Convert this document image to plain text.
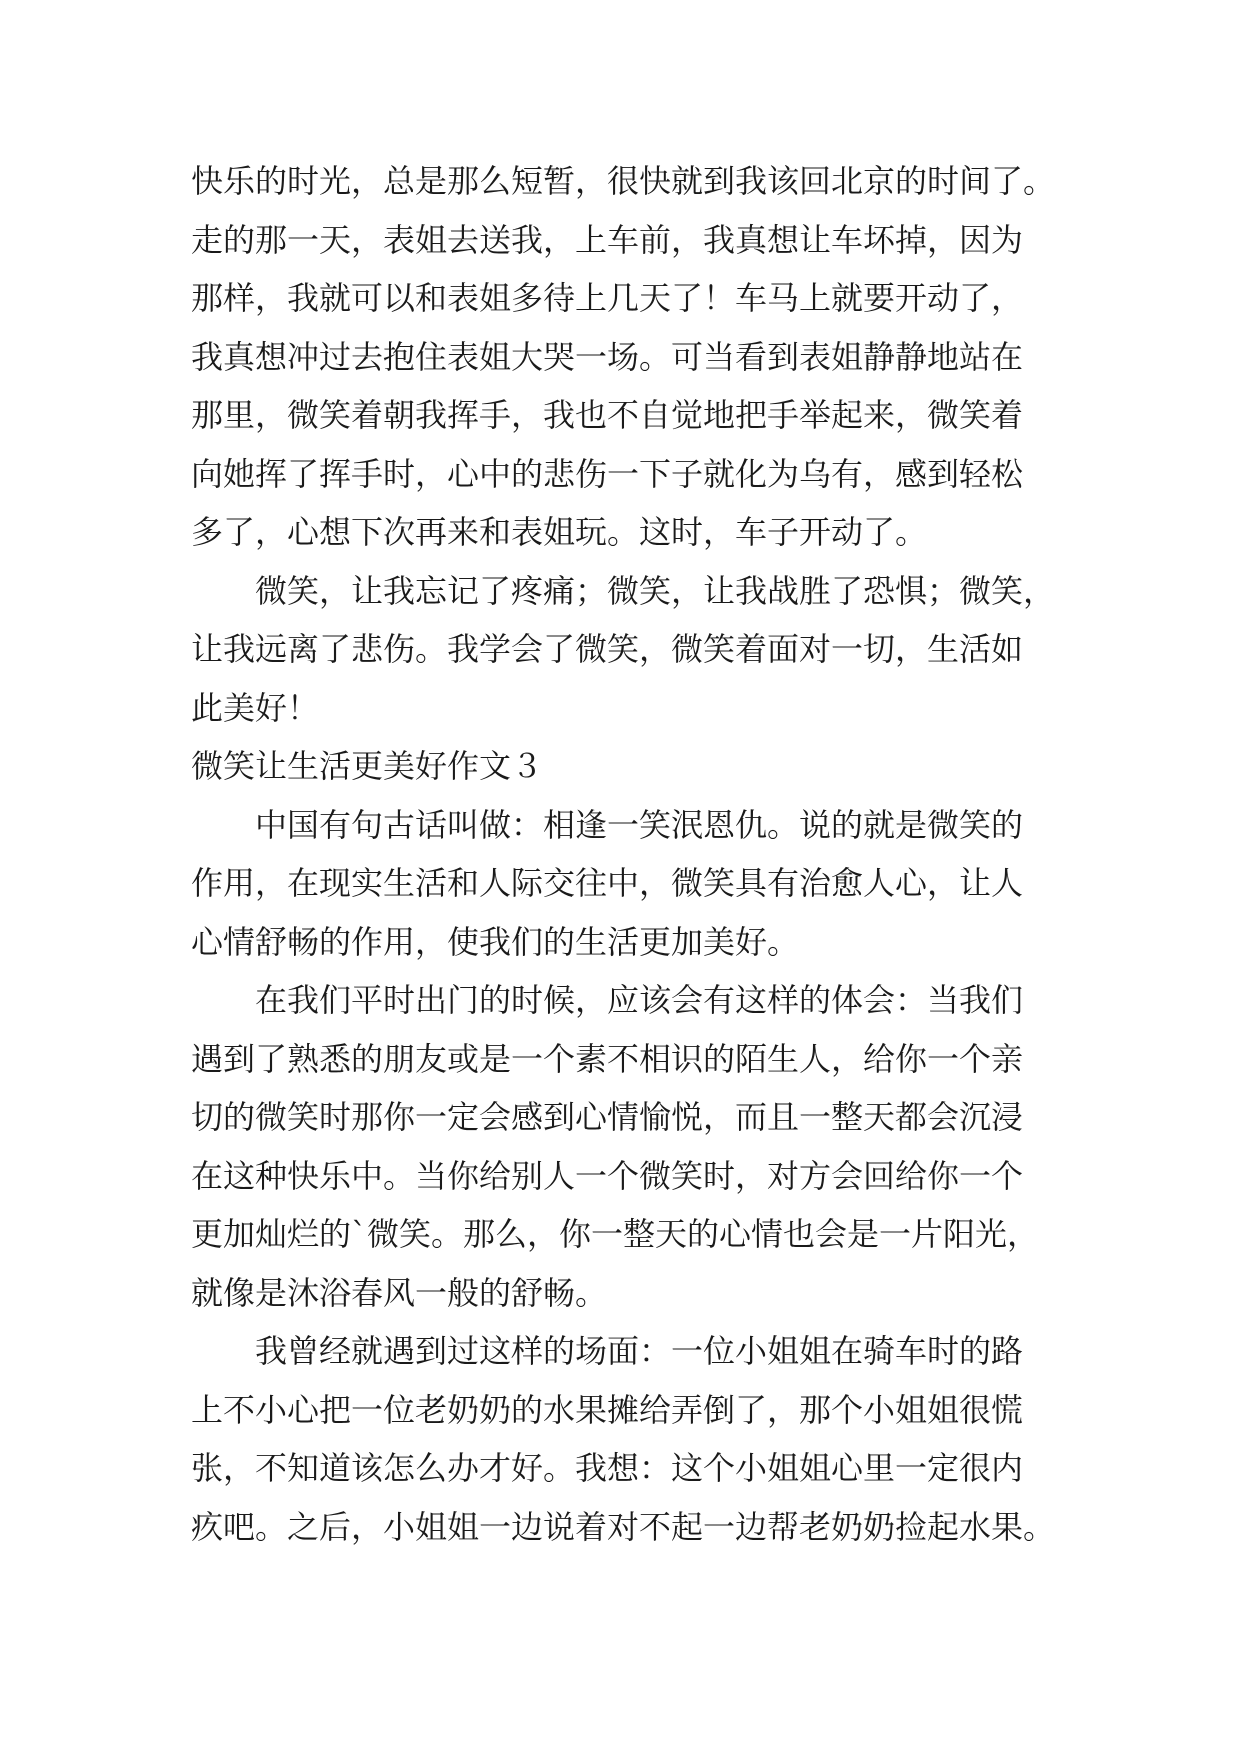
快乐的时光，总是那么短暂，很快就到我该回北京的时间了。
走的那一天，表姐去送我，上车前，我真想让车坏掉，因为
那样，我就可以和表姐多待上几天了！车马上就要开动了，
我真想冲过去抱住表姐大哭一场。可当看到表姐静静地站在
那里，微笑着朝我挥手，我也不自觉地把手举起来，微笑着
向她挥了挥手时，心中的悲伤一下子就化为乌有，感到轻松
多了，心想下次再来和表姐玩。这时，车子开动了。
微笑，让我忘记了疼痛；微笑，让我战胜了恐惧；微笑，
让我远离了悲伤。我学会了微笑，微笑着面对一切，生活如
此美好！
微笑让生活更美好作文３
中国有句古话叫做：相逢一笑泯恩仇。说的就是微笑的
作用，在现实生活和人际交往中，微笑具有治愈人心，让人
心情舒畅的作用，使我们的生活更加美好。
在我们平时出门的时候，应该会有这样的体会：当我们
遇到了熟悉的朋友或是一个素不相识的陌生人，给你一个亲
切的微笑时那你一定会感到心情愉悦，而且一整天都会沉浸
在这种快乐中。当你给别人一个微笑时，对方会回给你一个
更加灿烂的`微笑。那么，你一整天的心情也会是一片阳光，
就像是沐浴春风一般的舒畅。
我曾经就遇到过这样的场面：一位小姐姐在骑车时的路
上不小心把一位老奶奶的水果摊给弄倒了，那个小姐姐很慌
张，不知道该怎么办才好。我想：这个小姐姐心里一定很内
疚吧。之后，小姐姐一边说着对不起一边帮老奶奶捡起水果。
